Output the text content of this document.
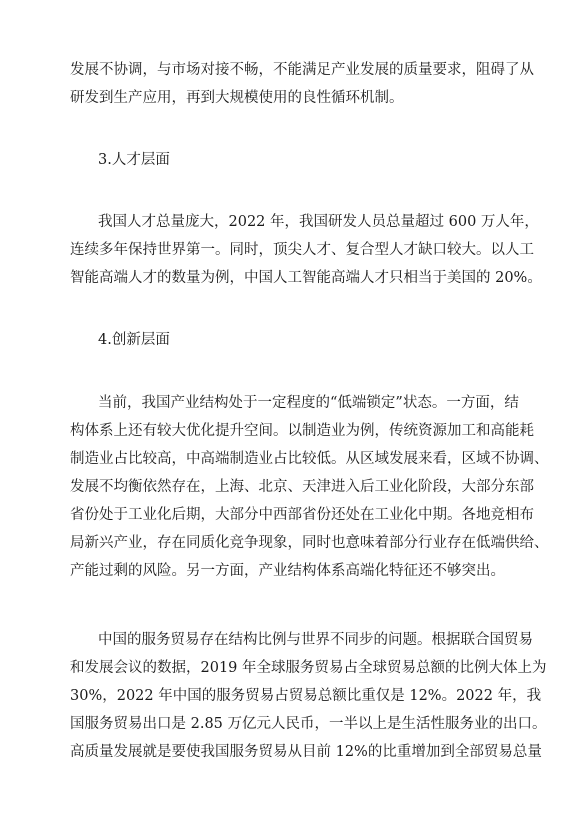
发展不协调，与市场对接不畅，不能满足产业发展的质量要求，阻碍了从
研发到生产应用，再到大规模使用的良性循环机制。
3.人才层面
我国人才总量庞大，2022 年，我国研发人员总量超过 600 万人年，
连续多年保持世界第一。同时，顶尖人才、复合型人才缺口较大。以人工
智能高端人才的数量为例，中国人工智能高端人才只相当于美国的 20%。
4.创新层面
当前，我国产业结构处于一定程度的“低端锁定”状态。一方面，结
构体系上还有较大优化提升空间。以制造业为例，传统资源加工和高能耗
制造业占比较高，中高端制造业占比较低。从区域发展来看，区域不协调、
发展不均衡依然存在，上海、北京、天津进入后工业化阶段，大部分东部
省份处于工业化后期，大部分中西部省份还处在工业化中期。各地竞相布
局新兴产业，存在同质化竞争现象，同时也意味着部分行业存在低端供给、
产能过剩的风险。另一方面，产业结构体系高端化特征还不够突出。
中国的服务贸易存在结构比例与世界不同步的问题。根据联合国贸易
和发展会议的数据，2019 年全球服务贸易占全球贸易总额的比例大体上为
30%，2022 年中国的服务贸易占贸易总额比重仅是 12%。2022 年，我
国服务贸易出口是 2.85 万亿元人民币，一半以上是生活性服务业的出口。
高质量发展就是要使我国服务贸易从目前 12%的比重增加到全部贸易总量
